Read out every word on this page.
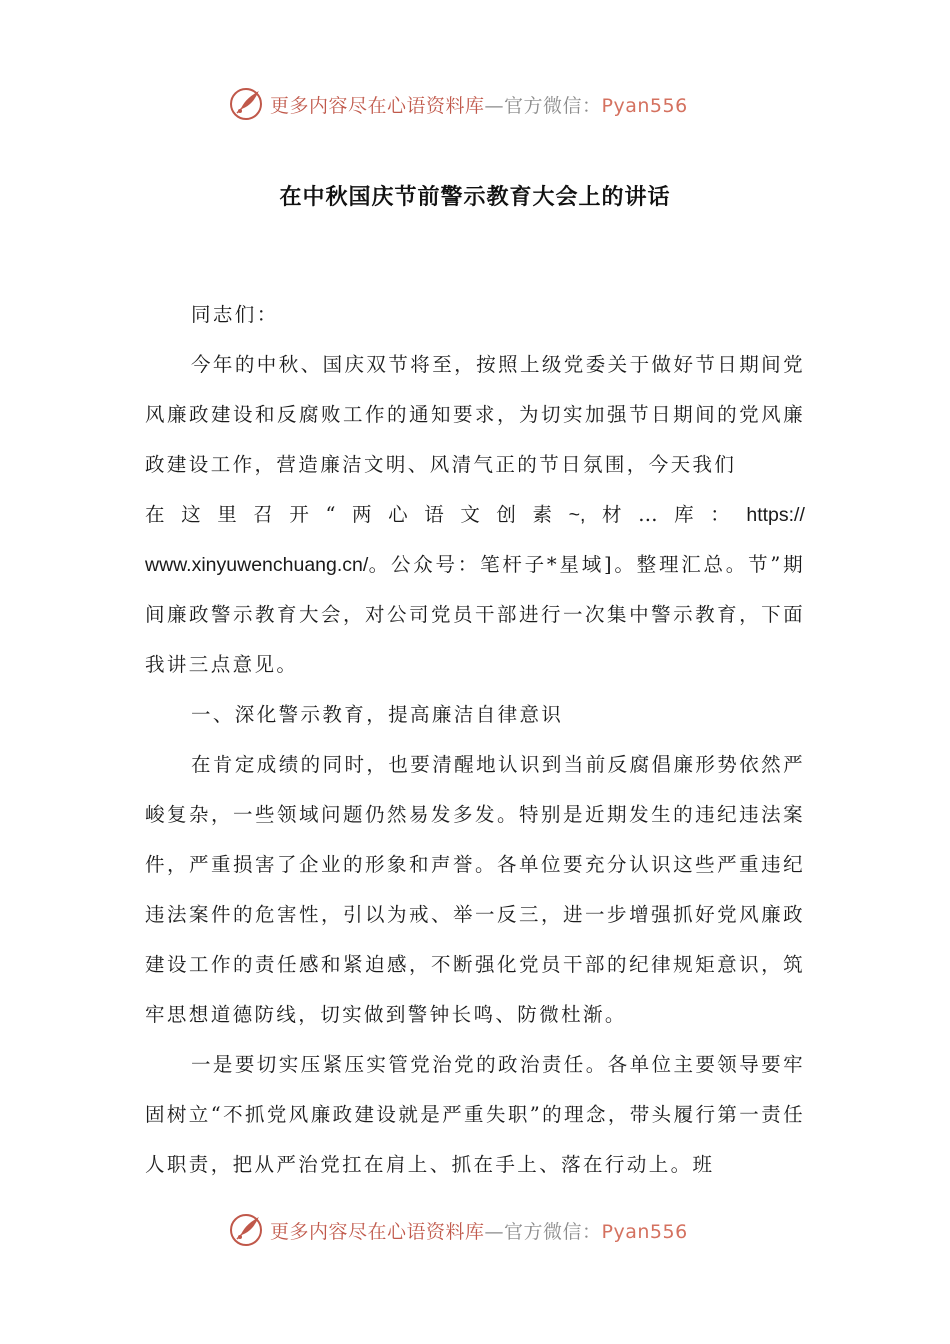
更多内容尽在心语资料库—官方微信：Pyan556
在中秋国庆节前警示教育大会上的讲话

同志们：

今年的中秋、国庆双节将至，按照上级党委关于做好节日期间党风廉政建设和反腐败工作的通知要求，为切实加强节日期间的党风廉政建设工作，营造廉洁文明、风清气正的节日氛围，今天我们

在 这 里 召 开 “ 两 心 语 文 创 素 ~, 材 … 库 ： https://

www.xinyuwenchuang.cn/。公众号：笔杆子*星域]。整理汇总。节”期间廉政警示教育大会，对公司党员干部进行一次集中警示教育，下面我讲三点意见。

一、深化警示教育，提高廉洁自律意识

在肯定成绩的同时，也要清醒地认识到当前反腐倡廉形势依然严峻复杂，一些领域问题仍然易发多发。特别是近期发生的违纪违法案件，严重损害了企业的形象和声誉。各单位要充分认识这些严重违纪违法案件的危害性，引以为戒、举一反三，进一步增强抓好党风廉政建设工作的责任感和紧迫感，不断强化党员干部的纪律规矩意识，筑牢思想道德防线，切实做到警钟长鸣、防微杜渐。

一是要切实压紧压实管党治党的政治责任。各单位主要领导要牢固树立“不抓党风廉政建设就是严重失职”的理念，带头履行第一责任人职责，把从严治党扛在肩上、抓在手上、落在行动上。班

更多内容尽在心语资料库—官方微信：Pyan556
